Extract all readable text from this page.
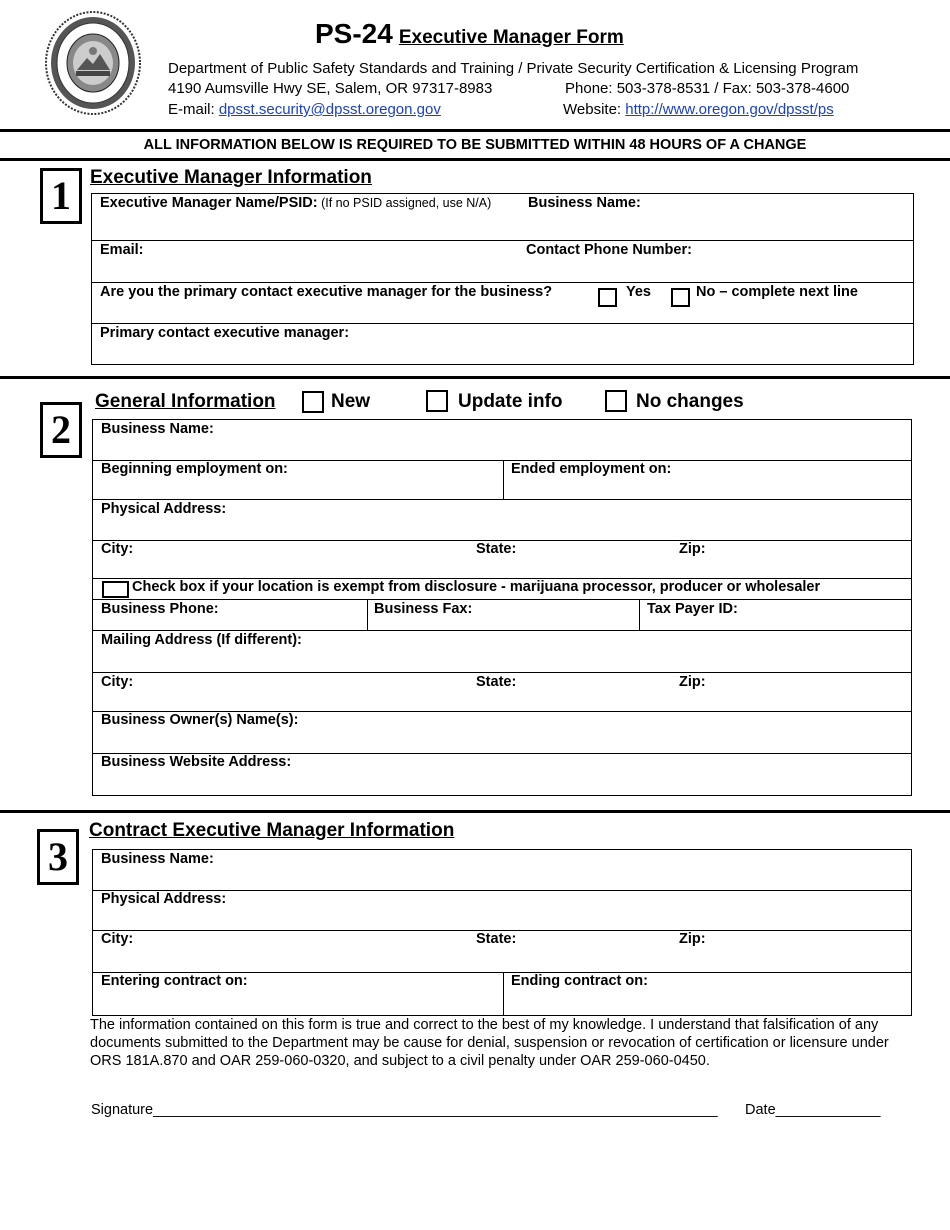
PS-24 Executive Manager Form
Department of Public Safety Standards and Training / Private Security Certification & Licensing Program
4190 Aumsville Hwy SE, Salem, OR 97317-8983	Phone: 503-378-8531 / Fax: 503-378-4600
E-mail: dpsst.security@dpsst.oregon.gov	Website: http://www.oregon.gov/dpsst/ps
ALL INFORMATION BELOW IS REQUIRED TO BE SUBMITTED WITHIN 48 HOURS OF A CHANGE
1	Executive Manager Information
Executive Manager Name/PSID: (If no PSID assigned, use N/A)	Business Name:
Email:	Contact Phone Number:
Are you the primary contact executive manager for the business?	Yes	No – complete next line
Primary contact executive manager:
2
General Information	New	Update info	No changes
Business Name:
Beginning employment on:	Ended employment on:
Physical Address:
City:	State:	Zip:
Check box if your location is exempt from disclosure - marijuana processor, producer or wholesaler
Business Phone:	Business Fax:	Tax Payer ID:
Mailing Address (If different):
City:	State:	Zip:
Business Owner(s) Name(s):
Business Website Address:
3
Contract Executive Manager Information
Business Name:
Physical Address:
City:	State:	Zip:
Entering contract on:	Ending contract on:
The information contained on this form is true and correct to the best of my knowledge. I understand that falsification of any documents submitted to the Department may be cause for denial, suspension or revocation of certification or licensure under ORS 181A.870 and OAR 259-060-0320, and subject to a civil penalty under OAR 259-060-0450.
Signature______________________________________________________________________ Date_____________
